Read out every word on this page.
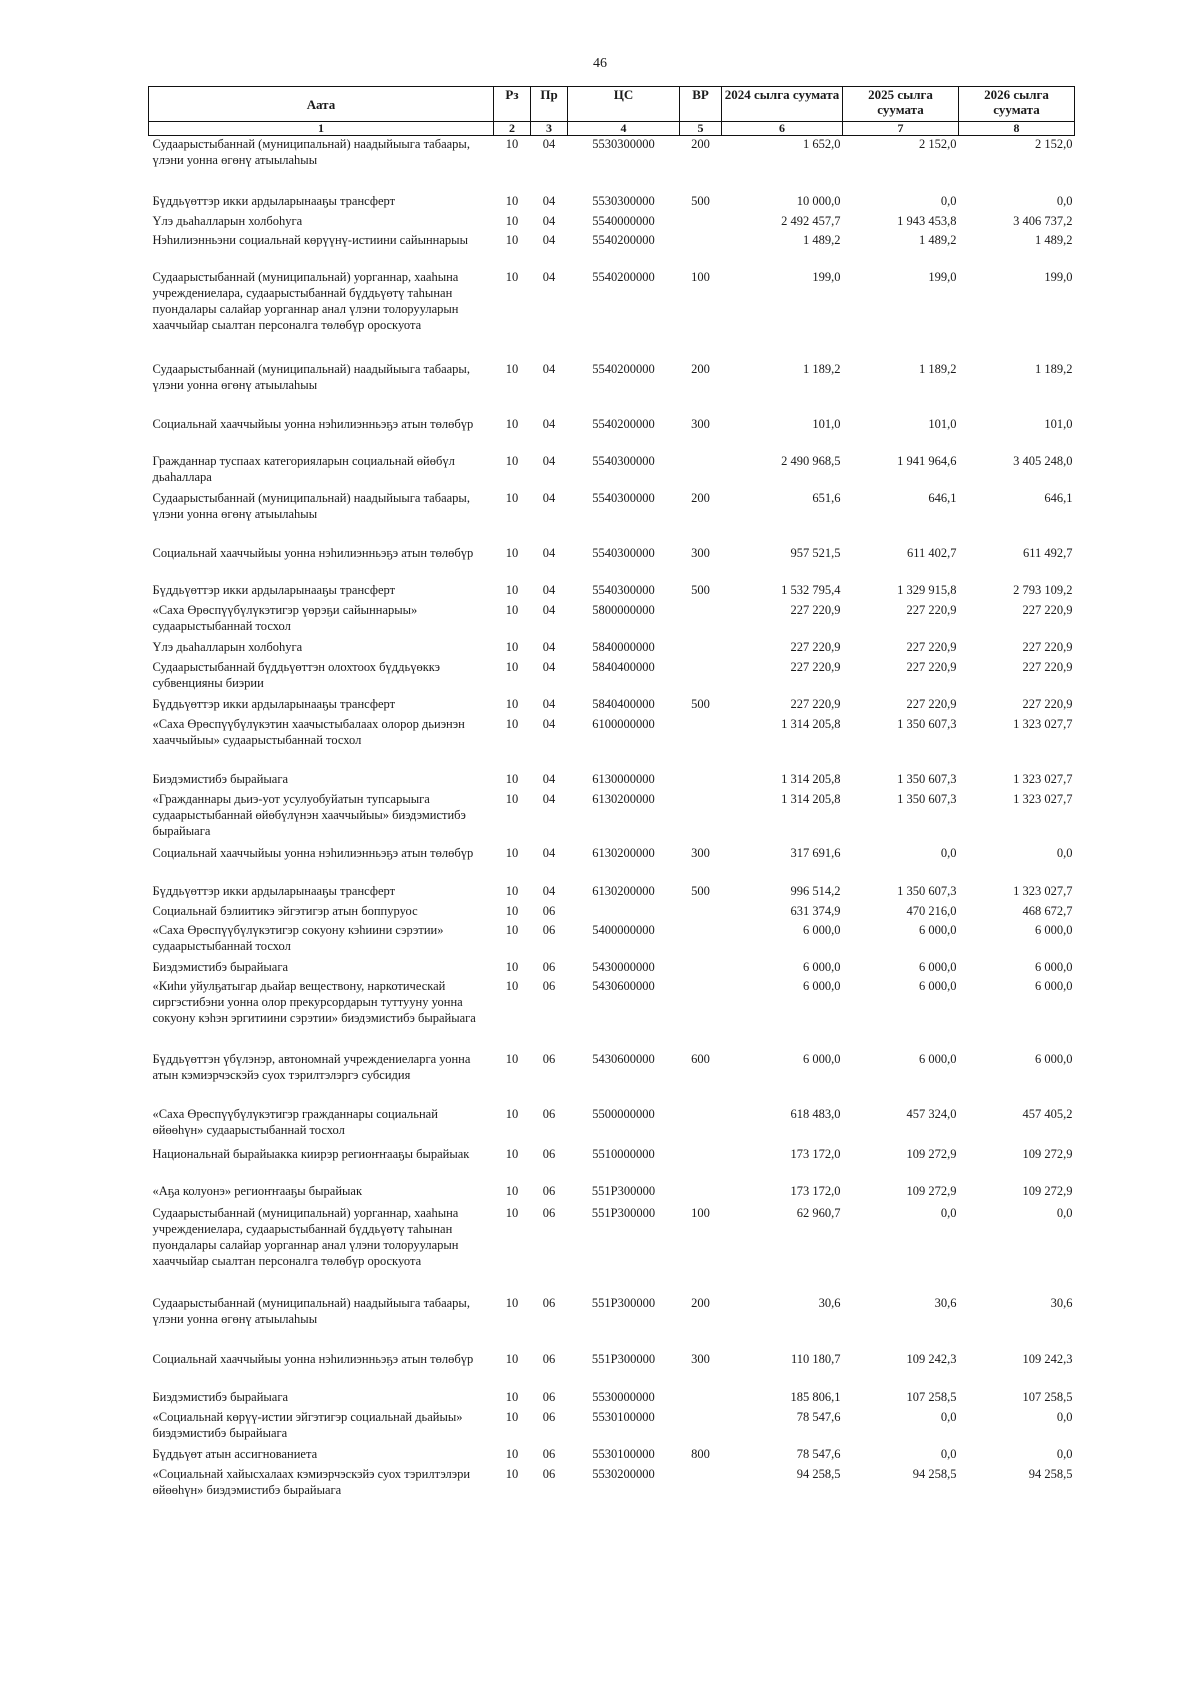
46
Аата	Рз	Пр	ЦС	ВР	2024 сылга суумата	2025 сылга суумата	2026 сылга суумата
1	2	3	4	5	6	7	8
Судаарыстыбаннай (муниципальнай) наадыйыыга табаары, үлэни уонна өгөнү атыылаһыы	10	04	5530300000	200	1 652,0	2 152,0	2 152,0
Бүддьүөттэр икки ардыларынааҕы трансферт	10	04	5530300000	500	10 000,0	0,0	0,0
Үлэ дьаһалларын холбоһуга	10	04	5540000000		2 492 457,7	1 943 453,8	3 406 737,2
Нэһилиэнньэни социальнай көрүүнү-истиини сайыннарыы	10	04	5540200000		1 489,2	1 489,2	1 489,2
Судаарыстыбаннай (муниципальнай) уорганнар, хааһына учреждениелара, судаарыстыбаннай бүддьүөтү таһынан пуондалары салайар уорганнар анал үлэни толорууларын хааччыйар сыалтан персоналга төлөбүр ороскуота	10	04	5540200000	100	199,0	199,0	199,0
Судаарыстыбаннай (муниципальнай) наадыйыыга табаары, үлэни уонна өгөнү атыылаһыы	10	04	5540200000	200	1 189,2	1 189,2	1 189,2
Социальнай хааччыйыы уонна нэһилиэнньэҕэ атын төлөбүр	10	04	5540200000	300	101,0	101,0	101,0
Гражданнар туспаах категорияларын социальнай өйөбүл дьаһаллара	10	04	5540300000		2 490 968,5	1 941 964,6	3 405 248,0
Судаарыстыбаннай (муниципальнай) наадыйыыга табаары, үлэни уонна өгөнү атыылаһыы	10	04	5540300000	200	651,6	646,1	646,1
Социальнай хааччыйыы уонна нэһилиэнньэҕэ атын төлөбүр	10	04	5540300000	300	957 521,5	611 402,7	611 492,7
Бүддьүөттэр икки ардыларынааҕы трансферт	10	04	5540300000	500	1 532 795,4	1 329 915,8	2 793 109,2
«Саха Өрөспүүбүлүкэтигэр үөрэҕи сайыннарыы» судаарыстыбаннай тосхол	10	04	5800000000		227 220,9	227 220,9	227 220,9
Үлэ дьаһалларын холбоһуга	10	04	5840000000		227 220,9	227 220,9	227 220,9
Судаарыстыбаннай бүддьүөттэн олохтоох бүддьүөккэ субвенцияны биэрии	10	04	5840400000		227 220,9	227 220,9	227 220,9
Бүддьүөттэр икки ардыларынааҕы трансферт	10	04	5840400000	500	227 220,9	227 220,9	227 220,9
«Саха Өрөспүүбүлүкэтин хаачыстыбалаах олорор дьиэнэн хааччыйыы» судаарыстыбаннай тосхол	10	04	6100000000		1 314 205,8	1 350 607,3	1 323 027,7
Биэдэмистибэ бырайыага	10	04	6130000000		1 314 205,8	1 350 607,3	1 323 027,7
«Гражданнары дьиэ-уот усулуобуйатын тупсарыыга судаарыстыбаннай өйөбүлүнэн хааччыйыы» биэдэмистибэ бырайыага	10	04	6130200000		1 314 205,8	1 350 607,3	1 323 027,7
Социальнай хааччыйыы уонна нэһилиэнньэҕэ атын төлөбүр	10	04	6130200000	300	317 691,6	0,0	0,0
Бүддьүөттэр икки ардыларынааҕы трансферт	10	04	6130200000	500	996 514,2	1 350 607,3	1 323 027,7
Социальнай бэлиитикэ эйгэтигэр атын боппуруос	10	06			631 374,9	470 216,0	468 672,7
«Саха Өрөспүүбүлүкэтигэр сокуону кэһиини сэрэтии» судаарыстыбаннай тосхол	10	06	5400000000		6 000,0	6 000,0	6 000,0
Биэдэмистибэ бырайыага	10	06	5430000000		6 000,0	6 000,0	6 000,0
«Киһи уйулҕатыгар дьайар веществону, наркотическай сиргэстибэни уонна олор прекурсордарын туттууну уонна сокуону кэһэн эргитиини сэрэтии» биэдэмистибэ бырайыага	10	06	5430600000		6 000,0	6 000,0	6 000,0
Бүддьүөттэн үбүлэнэр, автономнай учреждениеларга уонна атын кэмиэрчэскэйэ суох тэрилтэлэргэ субсидия	10	06	5430600000	600	6 000,0	6 000,0	6 000,0
«Саха Өрөспүүбүлүкэтигэр гражданнары социальнай өйөөһүн» судаарыстыбаннай тосхол	10	06	5500000000		618 483,0	457 324,0	457 405,2
Национальнай бырайыакка киирэр региоҥҥааҕы бырайыак	10	06	5510000000		173 172,0	109 272,9	109 272,9
«Аҕа колуонэ» региоҥҥааҕы бырайыак	10	06	551Р300000		173 172,0	109 272,9	109 272,9
Судаарыстыбаннай (муниципальнай) уорганнар, хааһына учреждениелара, судаарыстыбаннай бүддьүөтү таһынан пуондалары салайар уорганнар анал үлэни толорууларын хааччыйар сыалтан персоналга төлөбүр ороскуота	10	06	551Р300000	100	62 960,7	0,0	0,0
Судаарыстыбаннай (муниципальнай) наадыйыыга табаары, үлэни уонна өгөнү атыылаһыы	10	06	551Р300000	200	30,6	30,6	30,6
Социальнай хааччыйыы уонна нэһилиэнньэҕэ атын төлөбүр	10	06	551Р300000	300	110 180,7	109 242,3	109 242,3
Биэдэмистибэ бырайыага	10	06	5530000000		185 806,1	107 258,5	107 258,5
«Социальнай көрүү-истии эйгэтигэр социальнай дьайыы» биэдэмистибэ бырайыага	10	06	5530100000		78 547,6	0,0	0,0
Бүддьүөт атын ассигнованиета	10	06	5530100000	800	78 547,6	0,0	0,0
«Социальнай хайысхалаах кэмиэрчэскэйэ суох тэрилтэлэри өйөөһүн» биэдэмистибэ бырайыага	10	06	5530200000		94 258,5	94 258,5	94 258,5
